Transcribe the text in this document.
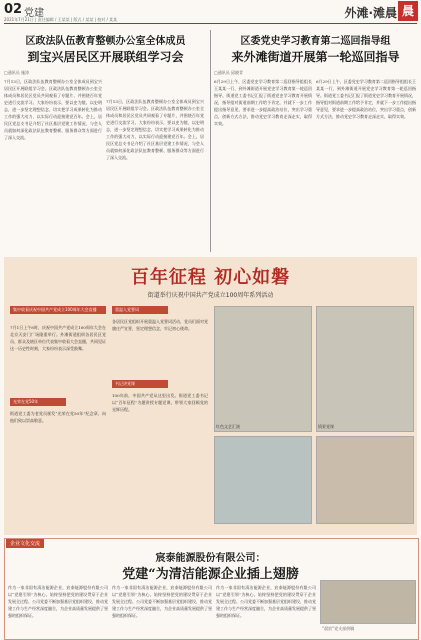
02 党建
2021年7月21日 | 责任编辑 / 王某某 | 版式 / 某某 | 校对 / 某某	外滩·滩晨 晨
区政法队伍教育整顿办公室全体成员
到宝兴居民区开展联组学习会
□通讯员 施涛
7月13日，区政法队伍教育整顿办公室全体成员到宝兴居民区开展联组学习会。区政法队伍教育整顿办公室全体成员和居民区党员共同观看了专题片，并围绕百年党史进行交流学习。大家纷纷表示，要以史为镜、以史明志，进一步坚定理想信念，切实把学习成果转化为推动工作的强大动力，以实际行动迎接建党百年。会上，居民区党总支书记介绍了社区基层党建工作情况，与会人员就如何深化政法队伍教育整顿、服务群众等方面进行了深入交流。
7月13日，区政法队伍教育整顿办公室全体成员到宝兴居民区开展联组学习会。区政法队伍教育整顿办公室全体成员和居民区党员共同观看了专题片，并围绕百年党史进行交流学习。大家纷纷表示，要以史为镜、以史明志，进一步坚定理想信念，切实把学习成果转化为推动工作的强大动力，以实际行动迎接建党百年。会上，居民区党总支书记介绍了社区基层党建工作情况，与会人员就如何深化政法队伍教育整顿、服务群众等方面进行了深入交流。
区委党史学习教育第二巡回指导组
来外滩街道开展第一轮巡回指导
□通讯员 邱晓青
6月29日上午，区委党史学习教育第二巡回指导组组长王某某一行，到外滩街道开展党史学习教育第一轮巡回指导。街道党工委书记汇报了街道党史学习教育开展情况，指导组对街道前期工作给予肯定，并就下一步工作提出指导意见，要求进一步提高政治站位，突出学习重点，创新方式方法，推动党史学习教育走深走实，取得实效。
6月29日上午，区委党史学习教育第二巡回指导组组长王某某一行，到外滩街道开展党史学习教育第一轮巡回指导。街道党工委书记汇报了街道党史学习教育开展情况，指导组对街道前期工作给予肯定，并就下一步工作提出指导意见，要求进一步提高政治站位，突出学习重点，创新方式方法，推动党史学习教育走深走实，取得实效。
百年征程 初心如磐
街道举行庆祝中国共产党成立100周年系列活动
集中收看庆祝中国共产党成立100周年大会直播
7月1日上午8时，庆祝中国共产党成立100周年大会在北京天安门广场隆重举行。外滩街道组织各居民区党员、群众及辖区单位代表集中收看大会直播，共同见证这一历史性时刻，大家纷纷表示深受鼓舞。
光荣在党50年
街道党工委为老党员颁发“光荣在党50年”纪念章，向他们致以崇高敬意。
重温入党誓词
各居民区党组织开展重温入党誓词活动，党员们面对党旗庄严宣誓，坚定理想信念，牢记初心使命。
书记讲党课
100年前，中国共产党从这里出发。街道党工委书记以“百年征程”为题讲授专题党课，带领大家回顾党的光辉历程。
红色文艺汇演	情景党课
企业文化交流
宸泰能源股份有限公司：
党建“为清洁能源企业插上翅膀
作为一家非国有清洁能源企业，宸泰能源股份有限公司以“党建引领”为核心，始终坚持把党的建设贯穿于企业发展全过程。公司党委不断加强基层党组织建设，推动党建工作与生产经营深度融合，为企业高质量发展提供了坚强的组织保证。
作为一家非国有清洁能源企业，宸泰能源股份有限公司以“党建引领”为核心，始终坚持把党的建设贯穿于企业发展全过程。公司党委不断加强基层党组织建设，推动党建工作与生产经营深度融合，为企业高质量发展提供了坚强的组织保证。
作为一家非国有清洁能源企业，宸泰能源股份有限公司以“党建引领”为核心，始终坚持把党的建设贯穿于企业发展全过程。公司党委不断加强基层党组织建设，推动党建工作与生产经营深度融合，为企业高质量发展提供了坚强的组织保证。
“晨宸”党支部供稿
